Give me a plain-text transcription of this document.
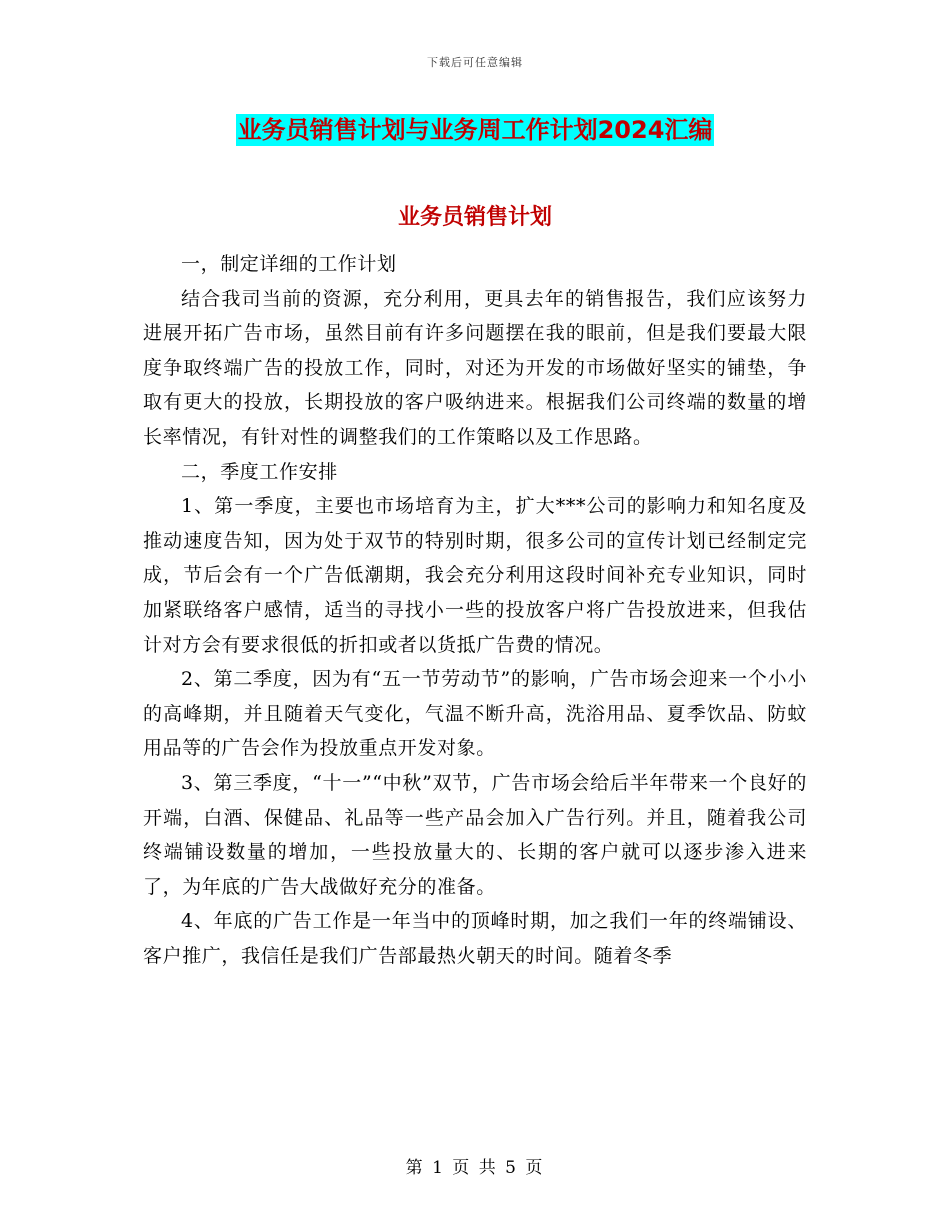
下载后可任意编辑
业务员销售计划与业务周工作计划2024汇编
业务员销售计划

一，制定详细的工作计划

结合我司当前的资源，充分利用，更具去年的销售报告，我们应该努力进展开拓广告市场，虽然目前有许多问题摆在我的眼前，但是我们要最大限度争取终端广告的投放工作，同时，对还为开发的市场做好坚实的铺垫，争取有更大的投放，长期投放的客户吸纳进来。根据我们公司终端的数量的增长率情况，有针对性的调整我们的工作策略以及工作思路。

二，季度工作安排

1、第一季度，主要也市场培育为主，扩大***公司的影响力和知名度及推动速度告知，因为处于双节的特别时期，很多公司的宣传计划已经制定完成，节后会有一个广告低潮期，我会充分利用这段时间补充专业知识，同时加紧联络客户感情，适当的寻找小一些的投放客户将广告投放进来，但我估计对方会有要求很低的折扣或者以货抵广告费的情况。

2、第二季度，因为有“五一节劳动节”的影响，广告市场会迎来一个小小的高峰期，并且随着天气变化，气温不断升高，洗浴用品、夏季饮品、防蚊用品等的广告会作为投放重点开发对象。

3、第三季度，“十一”“中秋”双节，广告市场会给后半年带来一个良好的开端，白酒、保健品、礼品等一些产品会加入广告行列。并且，随着我公司终端铺设数量的增加，一些投放量大的、长期的客户就可以逐步渗入进来了，为年底的广告大战做好充分的准备。

4、年底的广告工作是一年当中的顶峰时期，加之我们一年的终端铺设、客户推广，我信任是我们广告部最热火朝天的时间。随着冬季

第 1 页 共 5 页
